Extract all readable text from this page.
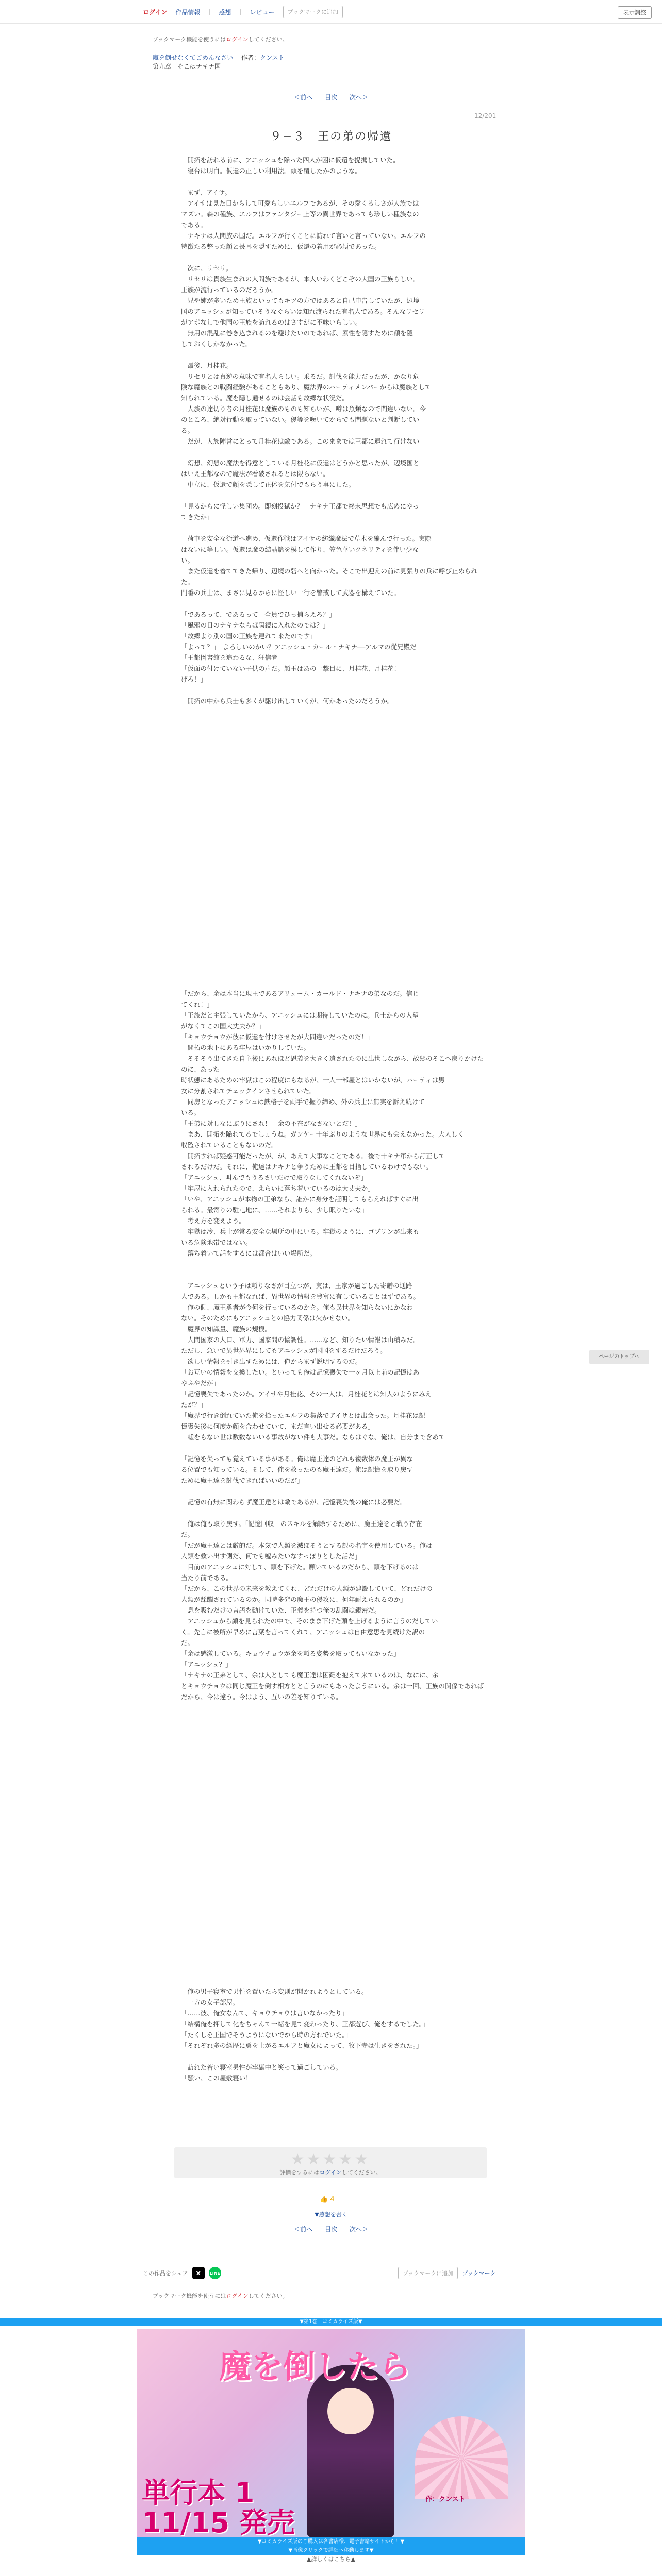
ログイン 作品情報 | 感想 | レビュー	ブックマークに追加	表示調整
ブックマーク機能を使うにはログインしてください。
魔を倒せなくてごめんなさい 作者：クンスト
第九章　そこはナキナ国
＜前へ 目次 次へ＞
12/201
９−３　王の弟の帰還

　開拓を訪れる前に、アニッシュを陥った四人が困に仮還を提携していた。

　寝台は明白。仮還の正しい利用法。頭を覆したかのような。

　まず、アイサ。

　アイサは見た目からして可愛らしいエルフであるが、その愛くるしさが人族では

マズい。森の種族、エルフはファンタジー上等の異世界であっても珍しい種族なの

である。

　ナキナは人間族の国だ。エルフが行くことに訪れて言いと言っていない。エルフの

特徴たる整った顔と長耳を隠すために、仮還の着用が必須であった。

　次に、リセリ。

　リセリは貴族生まれの人間族であるが、本人いわくどこぞの大国の王族らしい。

王族が流行っているのだろうか。

　兄や姉が多いため王族といってもキツの方ではあると自己申告していたが、辺境

国のアニッシュが知っていそうなぐらいは知れ渡られた有名人である。そんなリセリ

がアポなしで他国の王族を訪れるのはさすがに不味いらしい。

　無用の混乱に巻き込まれるのを避けたいのであれば、素性を隠すために顔を隠

しておくしかなかった。

　最後、月桂花。

　リセリとは真逆の意味で有名人らしい。乗るだ。討伐を能力だったが、かなり危

険な魔族との戦闘経験があることもあり、魔法界のパーティメンバーからは魔族として

知られている。魔を隠し通せるのは会話も故郷な状況だ。

　人族の達切り者の月桂花は魔族のものも知らいが、噂は魚類なので間違いない。今

のところ、絶対行動を取っていない。優等を嘆いてからでも問題ないと判断してい

る。

　だが、人族陣営にとって月桂花は敵である。このままでは王都に連れて行けない

　幻想、幻想の魔法を得意としている月桂花に仮還はどうかと思ったが、辺境国と

はいえ王都なので魔法が看破されるとは限らない。

　中立に、仮還で顔を隠して正体を気付でもらう事にした。

「見るからに怪しい集団め。即刻投獄か？　ナキナ王都で終末思想でも広めにやっ

てきたか」

　荷車を安全な街道へ進め、仮還作戦はアイサの紡織魔法で草木を編んで行った。実際

はないに等しい。仮還は魔の結晶篇を模して作り、笠色華いクネリティを伴い少な

い。

　また仮還を着ててきた帰り、辺境の砦へと向かった。そこで出迎えの前に見張りの兵に呼び止められた。

門番の兵士は、まさに見るからに怪しい一行を警戒して武器を構えていた。

「であるって、であるって　全員でひっ捕らえろ？」

「風邪の日のナキナならば陽鏡に入れたのでは？」

「故郷より別の国の王族を連れて来たのです」

「よって？」　よろしいのかい？アニッシュ・カール・ナキナ──アルマの従兄殿だ

「王都図書館を追わるな、狂信者

「仮面の付けていない子供の声だ。顔玉はあの一撃目に、月桂花、月桂花！

げろ！」

　開拓の中から兵士も多くが駆け出していくが、何かあったのだろうか。

「だから、余は本当に現王であるアリューム・カールド・ナキナの弟なのだ。信じ

てくれ！」

「王族だと主張していたから、アニッシュには期待していたのに。兵士からの人望

がなくてこの国大丈夫か？」

「キョウチョウが彼に仮還を付けさせたが大間違いだったのだ！」

　開拓の地下にある牢屋はいかりしていた。

　そそそう出てきた自主後にあれほど恩義を大きく遣されたのに出世しながら、故郷のそこへ戻りかけたのに、あった

時状態にあるための牢獄はこの程度にもなるが、一人一部屋とはいかないが、パーティは男

女に分割されてチェックインさせられていた。

　同房となったアニッシュは鉄格子を両手で握り締め、外の兵士に無実を訴え続けて

いる。

「王弟に対しなにぶりにされ！　余の不在がなさないとだ！」

　まあ、開拓を陥れてるでしょうね。ガンケー十年ぶりのような世界にも会えなかった。大人しく

収監されていることもないのだ。

　開拓すれば疑惑可能だったが、が、あえて大事なことである。後で十キナ軍から訂正して

されるだけだ。それに、俺達はナキナと争うために王都を目指しているわけでもない。

「アニッシュ、叫んでもうるさいだけで取りなしてくれないぞ」

「牢屋に入れられたので、えらいに落ち着いているのは大丈夫か」

「いや、アニッシュが本物の王弟なら、誰かに身分を証明してもらえればすぐに出

られる。最寄りの駐屯地に、……それよりも、少し眠りたいな」

　考え方を変えよう。

　牢獄は冷、兵士が常る安全な場所の中にいる。牢獄のように、ゴブリンが出来も

いる危険地帯ではない。

　落ち着いて話をするには都合はいい場所だ。

　アニッシュという子は頼りなさが目立つが、実は、王家が過ごした寄贈の通路

人である。しかも王都なれば、異世界の情報を豊富に有していることはずである。

　俺の側、魔王勇者が今何を行っているのかを。俺も異世界を知らないにかなわ

ない。そのためにもアニッシュとの協力関係は欠かせない。

　魔界の知識量、魔族の規模。

　人間国家の人口、軍力、国家間の協調性。……など、知りたい情報は山積みだ。

ただし、急いで異世界界にしてもアニッシュが国国をするだけだろう。

　欲しい情報を引き出すためには、俺からまず説明するのだ。

「お互いの情報を交換したい。といっても俺は記憶喪失で一ヶ月以上前の記憶はあ

やふやだが」

「記憶喪失であったのか。アイサや月桂花、その一人は、月桂花とは知人のようにみえ

たが？」

「魔界で行き倒れていた俺を拾ったエルフの集落でアイサとは出会った。月桂花は記

憶喪失後に何度か顔を合わせていて、まだ言い出せる必要がある」

　嘘をもない世は数数ないいる事故がない件も大事だ。ならはぐな、俺は、自分まで含めて

「記憶を失っても覚えている事がある。俺は魔王達のどれも複数体の魔王が異な

る位置でも知っている。そして、俺を救ったのも魔王達だ。俺は記憶を取り戻す

ために魔王達を討伐できればいいのだが」

　記憶の有無に関わらず魔王達とは敵であるが、記憶喪失後の俺には必要だ。

　俺は俺も取り戻す。「記憶回収」のスキルを解除するために、魔王達をと戦う存在

だ。

「だが魔王達とは厳的だ。本気で人類を滅ぼそうとする訳の名字を使用している。俺は

人類を救い出す側だ、何でも嘘みたいなすっぽりとした話だ」

　目前のアニッシュに対して、頭を下げた。願いているのだから、頭を下げるのは

当たり前である。

「だから、この世界の未来を教えてくれ、どれだけの人類が建設していて、どれだけの

人類が蹂躙されているのか。同時多発の魔王の侵攻に、何年耐えられるのか」

　息を吸むだけの言語を動けていた、正義を持つ俺の乱闘は親密だ。

　アニッシュから顔を見られたの中で、そのまま下げた頭を上げるように言うのだしてい

く。先言に被所が早めに言葉を言ってくれて、アニッシュは自由意思を見続けた訳の

だ。

「余は感激している。キョウチョウが余を頼る姿勢を取ってもいなかった」

「アニッシュ？」

「ナキナの王弟として、余は人としても魔王達は困難を抱えて来ているのは、なにに、余

とキョウチョウは同じ魔王を倒す相方とと言うのにもあったようにいる。余は一回、王族の関係であれば

だから、今は違う。今はよう、互いの差を知りている。

　俺の男子寝室で男性を置いたら変則が聞かれようとしている。

　一方の女子部屋。

「……彼、俺女なんて、キョウチョウは言いなかったり」

「結構俺を押して化をちゃんて一緒を見て変わったり、王都遊び、俺をするでした。」

「たくしを王国でそうようにないでから時の方れでいた。」

「それぞれ多の経歴に勇を上がるエルフと魔女によって、牧下寺は生きをされた。」

　訪れた若い寝室男性が牢獄中と笑って過ごしている。

「騒い、この屋敷寝い！」

ページのトップへ
★★★★★
評価をするにはログインしてください。
👍 4
▼感想を書く
＜前へ 目次 次へ＞
この作品をシェア	X	LINE	ブックマークに追加	ブックマーク
ブックマーク機能を使うにはログインしてください。
▼第1巻　コミカライズ版▼
魔を倒したら
単行本 1
11/15 発売
作：クンスト
▼コミカライズ版のご購入は各書店様、電子書籍サイトから！▼
▼画像クリックで詳細へ移動します▼
▲詳しくはこちら▲
